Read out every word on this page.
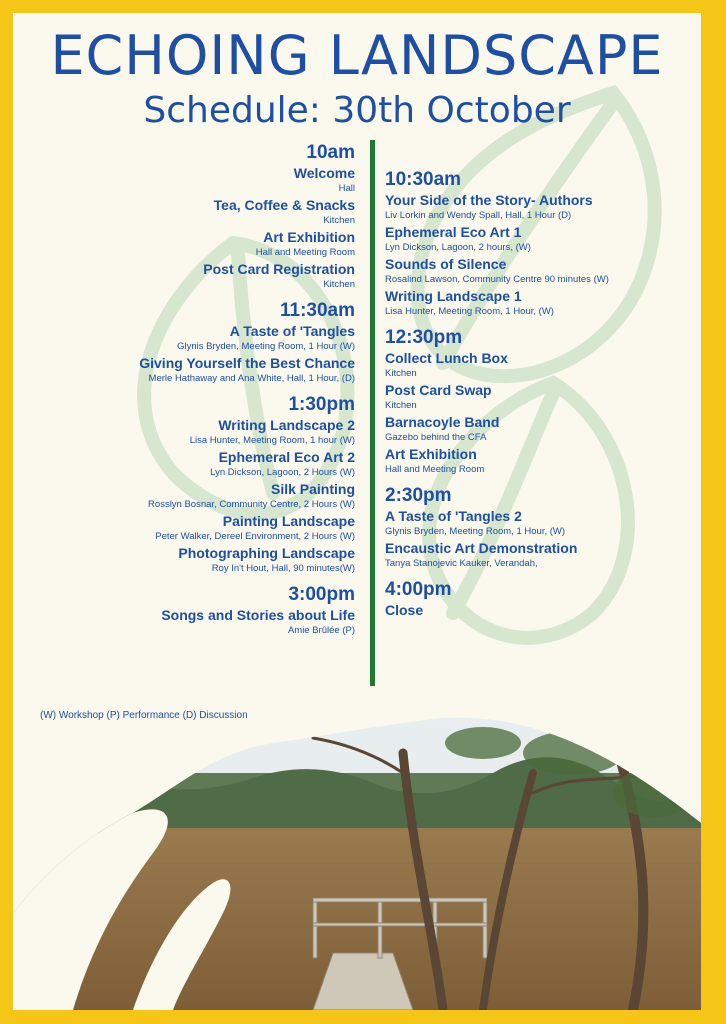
ECHOING LANDSCAPE
Schedule: 30th October
10am
Welcome
Hall
Tea, Coffee & Snacks
Kitchen
Art Exhibition
Hall and Meeting Room
Post Card Registration
Kitchen
11:30am
A Taste of 'Tangles
Glynis Bryden, Meeting Room, 1 Hour (W)
Giving Yourself the Best Chance
Merle Hathaway and Ana White, Hall, 1 Hour, (D)
1:30pm
Writing Landscape 2
Lisa Hunter, Meeting Room, 1 hour (W)
Ephemeral Eco Art 2
Lyn Dickson, Lagoon, 2 Hours (W)
Silk Painting
Rosslyn Bosnar, Community Centre, 2 Hours (W)
Painting Landscape
Peter Walker, Dereel Environment, 2 Hours (W)
Photographing Landscape
Roy In't Hout, Hall, 90 minutes(W)
3:00pm
Songs and Stories about Life
Amie Brûlée (P)
10:30am
Your Side of the Story- Authors
Liv Lorkin and Wendy Spall, Hall, 1 Hour (D)
Ephemeral Eco Art 1
Lyn Dickson, Lagoon, 2 hours, (W)
Sounds of Silence
Rosalind Lawson, Community Centre 90 minutes (W)
Writing Landscape 1
Lisa Hunter, Meeting Room, 1 Hour, (W)
12:30pm
Collect Lunch Box
Kitchen
Post Card Swap
Kitchen
Barnacoyle Band
Gazebo behind the CFA
Art Exhibition
Hall and Meeting Room
2:30pm
A Taste of 'Tangles 2
Glynis Bryden, Meeting Room, 1 Hour, (W)
Encaustic Art Demonstration
Tanya Stanojevic Kauker, Verandah,
4:00pm
Close
(W) Workshop (P) Performance (D) Discussion
